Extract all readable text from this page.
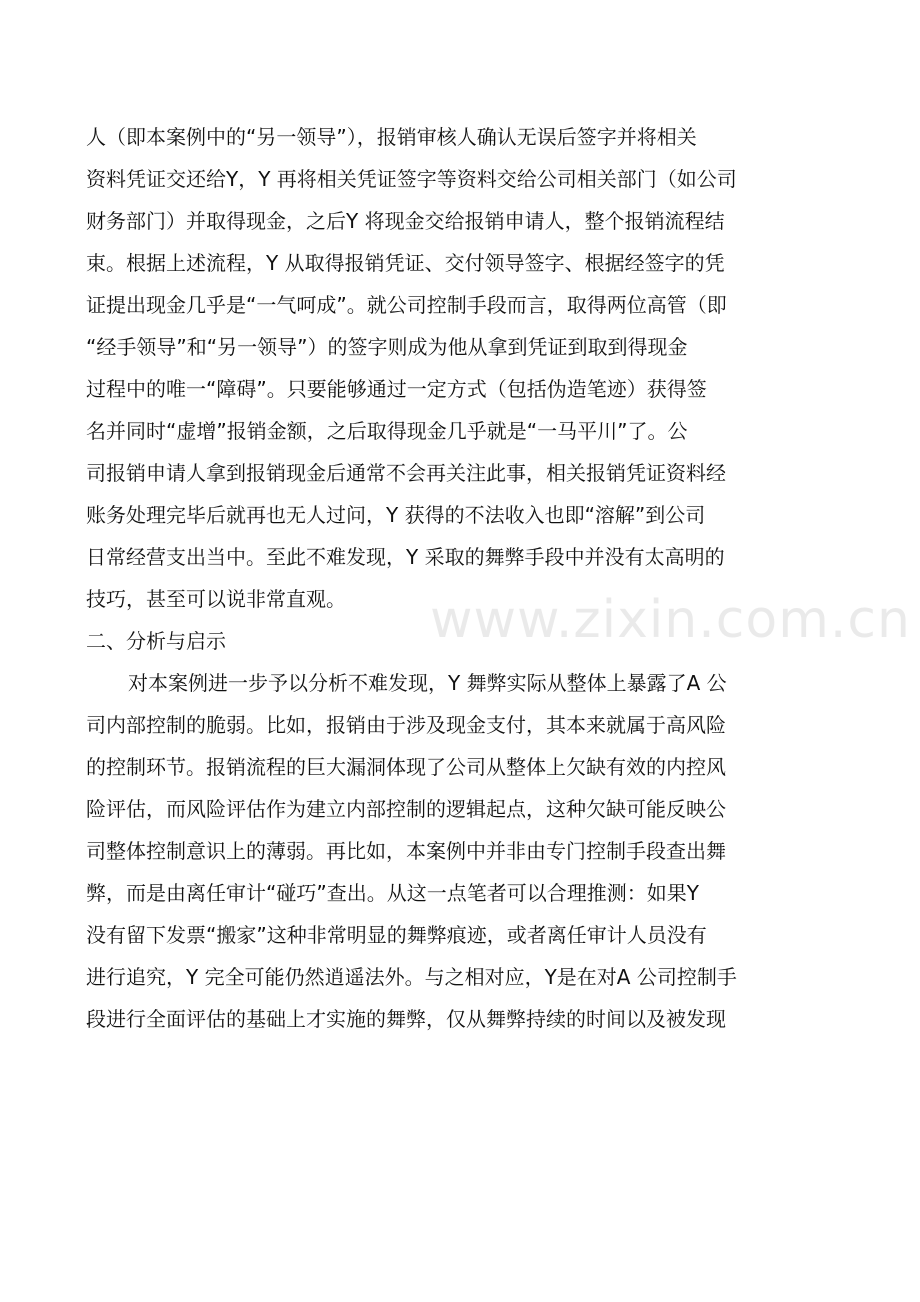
人（即本案例中的“另一领导”），报销审核人确认无误后签字并将相关
资料凭证交还给Y，Y 再将相关凭证签字等资料交给公司相关部门（如公司
财务部门）并取得现金，之后Y 将现金交给报销申请人，整个报销流程结
束。根据上述流程，Y 从取得报销凭证、交付领导签字、根据经签字的凭
证提出现金几乎是“一气呵成”。就公司控制手段而言，取得两位高管（即
“经手领导”和“另一领导”）的签字则成为他从拿到凭证到取到得现金
过程中的唯一“障碍”。只要能够通过一定方式（包括伪造笔迹）获得签
名并同时“虚增”报销金额，之后取得现金几乎就是“一马平川”了。公
司报销申请人拿到报销现金后通常不会再关注此事，相关报销凭证资料经
账务处理完毕后就再也无人过问，Y 获得的不法收入也即“溶解”到公司
日常经营支出当中。至此不难发现，Y 采取的舞弊手段中并没有太高明的
技巧，甚至可以说非常直观。
二、分析与启示
对本案例进一步予以分析不难发现，Y 舞弊实际从整体上暴露了A 公
司内部控制的脆弱。比如，报销由于涉及现金支付，其本来就属于高风险
的控制环节。报销流程的巨大漏洞体现了公司从整体上欠缺有效的内控风
险评估，而风险评估作为建立内部控制的逻辑起点，这种欠缺可能反映公
司整体控制意识上的薄弱。再比如，本案例中并非由专门控制手段查出舞
弊，而是由离任审计“碰巧”查出。从这一点笔者可以合理推测：如果Y
没有留下发票“搬家”这种非常明显的舞弊痕迹，或者离任审计人员没有
进行追究，Y 完全可能仍然逍遥法外。与之相对应，Y是在对A 公司控制手
段进行全面评估的基础上才实施的舞弊，仅从舞弊持续的时间以及被发现
www.zixin.com.cn
